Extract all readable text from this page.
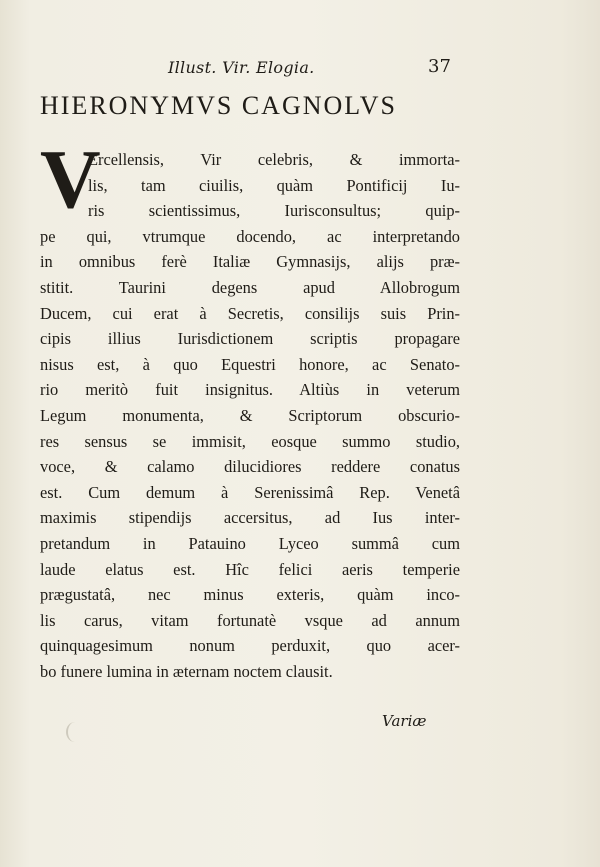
Illust. Vir. Elogia.	37
HIERONYMVS CAGNOLVS
V
Ercellensis, Vir celebris, & immorta-
lis, tam ciuilis, quàm Pontificij Iu-
ris scientissimus, Iurisconsultus; quip-
pe qui, vtrumque docendo, ac interpretando
in omnibus ferè Italiæ Gymnasijs, alijs præ-
stitit. Taurini degens apud Allobrogum
Ducem, cui erat à Secretis, consilijs suis Prin-
cipis illius Iurisdictionem scriptis propagare
nisus est, à quo Equestri honore, ac Senato-
rio meritò fuit insignitus. Altiùs in veterum
Legum monumenta, & Scriptorum obscurio-
res sensus se immisit, eosque summo studio,
voce, & calamo dilucidiores reddere conatus
est. Cum demum à Serenissimâ Rep. Venetâ
maximis stipendijs accersitus, ad Ius inter-
pretandum in Patauino Lyceo summâ cum
laude elatus est. Hîc felici aeris temperie
prægustatâ, nec minus exteris, quàm inco-
lis carus, vitam fortunatè vsque ad annum
quinquagesimum nonum perduxit, quo acer-
bo funere lumina in æternam noctem clausit.
Variæ
